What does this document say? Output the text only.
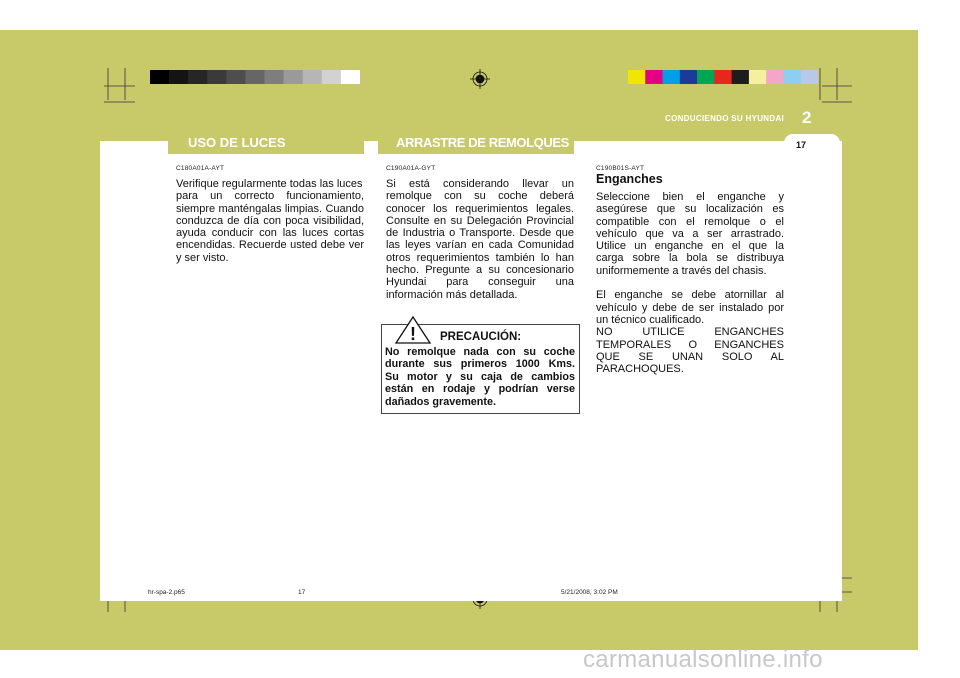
2
CONDUCIENDO SU HYUNDAI
USO DE LUCES	ARRASTRE DE REMOLQUES	17
C180A01A-AYT
Verifique regularmente todas las luces
para un correcto funcionamiento,
siempre manténgalas limpias. Cuando
conduzca de día con poca visibilidad,
ayuda conducir con las luces cortas
encendidas. Recuerde usted debe ver
y ser visto.
C190A01A-GYT
Si está considerando llevar un
remolque con su coche deberá
conocer los requerimientos legales.
Consulte en su Delegación Provincial
de Industria o Transporte. Desde que
las leyes varían en cada Comunidad
otros requerimientos también lo han
hecho. Pregunte a su concesionario
Hyundai para conseguir una
información más detallada.
! PRECAUCIÓN:
No remolque nada con su coche
durante sus primeros 1000 Kms.
Su motor y su caja de cambios
están en rodaje y podrían verse
dañados gravemente.
C190B01S-AYT
Enganches
Seleccione bien el enganche y
asegúrese que su localización es
compatible con el remolque o el
vehículo que va a ser arrastrado.
Utilice un enganche en el que la
carga sobre la bola se distribuya
uniformemente a través del chasis.
El enganche se debe atornillar al
vehículo y debe de ser instalado por
un técnico cualificado.
NO UTILICE ENGANCHES
TEMPORALES O ENGANCHES
QUE SE UNAN SOLO AL
PARACHOQUES.
hr-spa-2.p65	17	5/21/2008, 3:02 PM
carmanualsonline.info
